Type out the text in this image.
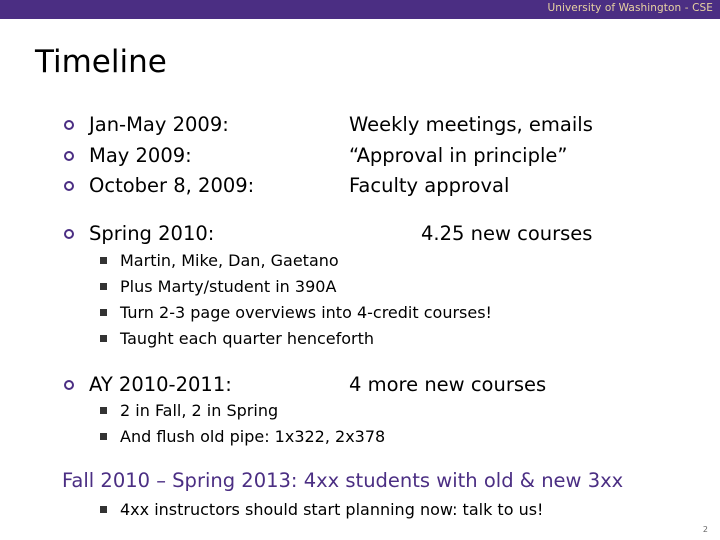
University of Washington - CSE
Timeline
Jan-May 2009:	Weekly meetings, emails
May 2009:	“Approval in principle”
October 8, 2009:	Faculty approval
Spring 2010:	4.25 new courses
Martin, Mike, Dan, Gaetano
Plus Marty/student in 390A
Turn 2-3 page overviews into 4-credit courses!
Taught each quarter henceforth
AY 2010-2011:	4 more new courses
2 in Fall, 2 in Spring
And flush old pipe: 1x322, 2x378
Fall 2010 – Spring 2013: 4xx students with old & new 3xx
4xx instructors should start planning now: talk to us!
2
